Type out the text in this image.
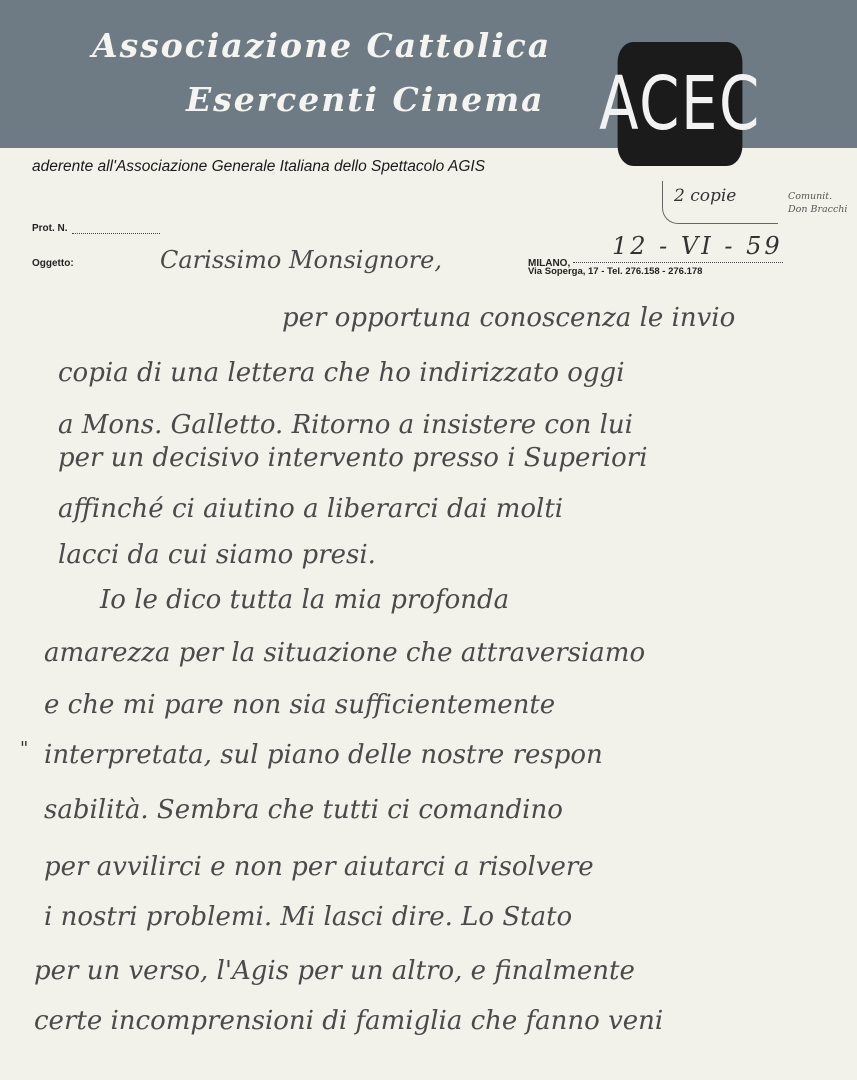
Associazione Cattolica
Esercenti Cinema ACEC
aderente all'Associazione Generale Italiana dello Spettacolo AGIS
Prot. N.
Oggetto:	MILANO,
Via Soperga, 17 - Tel. 276.158 - 276.178
12 - VI - 59
2 copie	Comunit. Don Bracchi
Carissimo Monsignore,
"
per opportuna conoscenza le invio
copia di una lettera che ho indirizzato oggi
a Mons. Galletto. Ritorno a insistere con lui
per un decisivo intervento presso i Superiori
affinché ci aiutino a liberarci dai molti
lacci da cui siamo presi.
Io le dico tutta la mia profonda
amarezza per la situazione che attraversiamo
e che mi pare non sia sufficientemente
interpretata, sul piano delle nostre respon
sabilità. Sembra che tutti ci comandino
per avvilirci e non per aiutarci a risolvere
i nostri problemi. Mi lasci dire. Lo Stato
per un verso, l'Agis per un altro, e finalmente
certe incomprensioni di famiglia che fanno veni
